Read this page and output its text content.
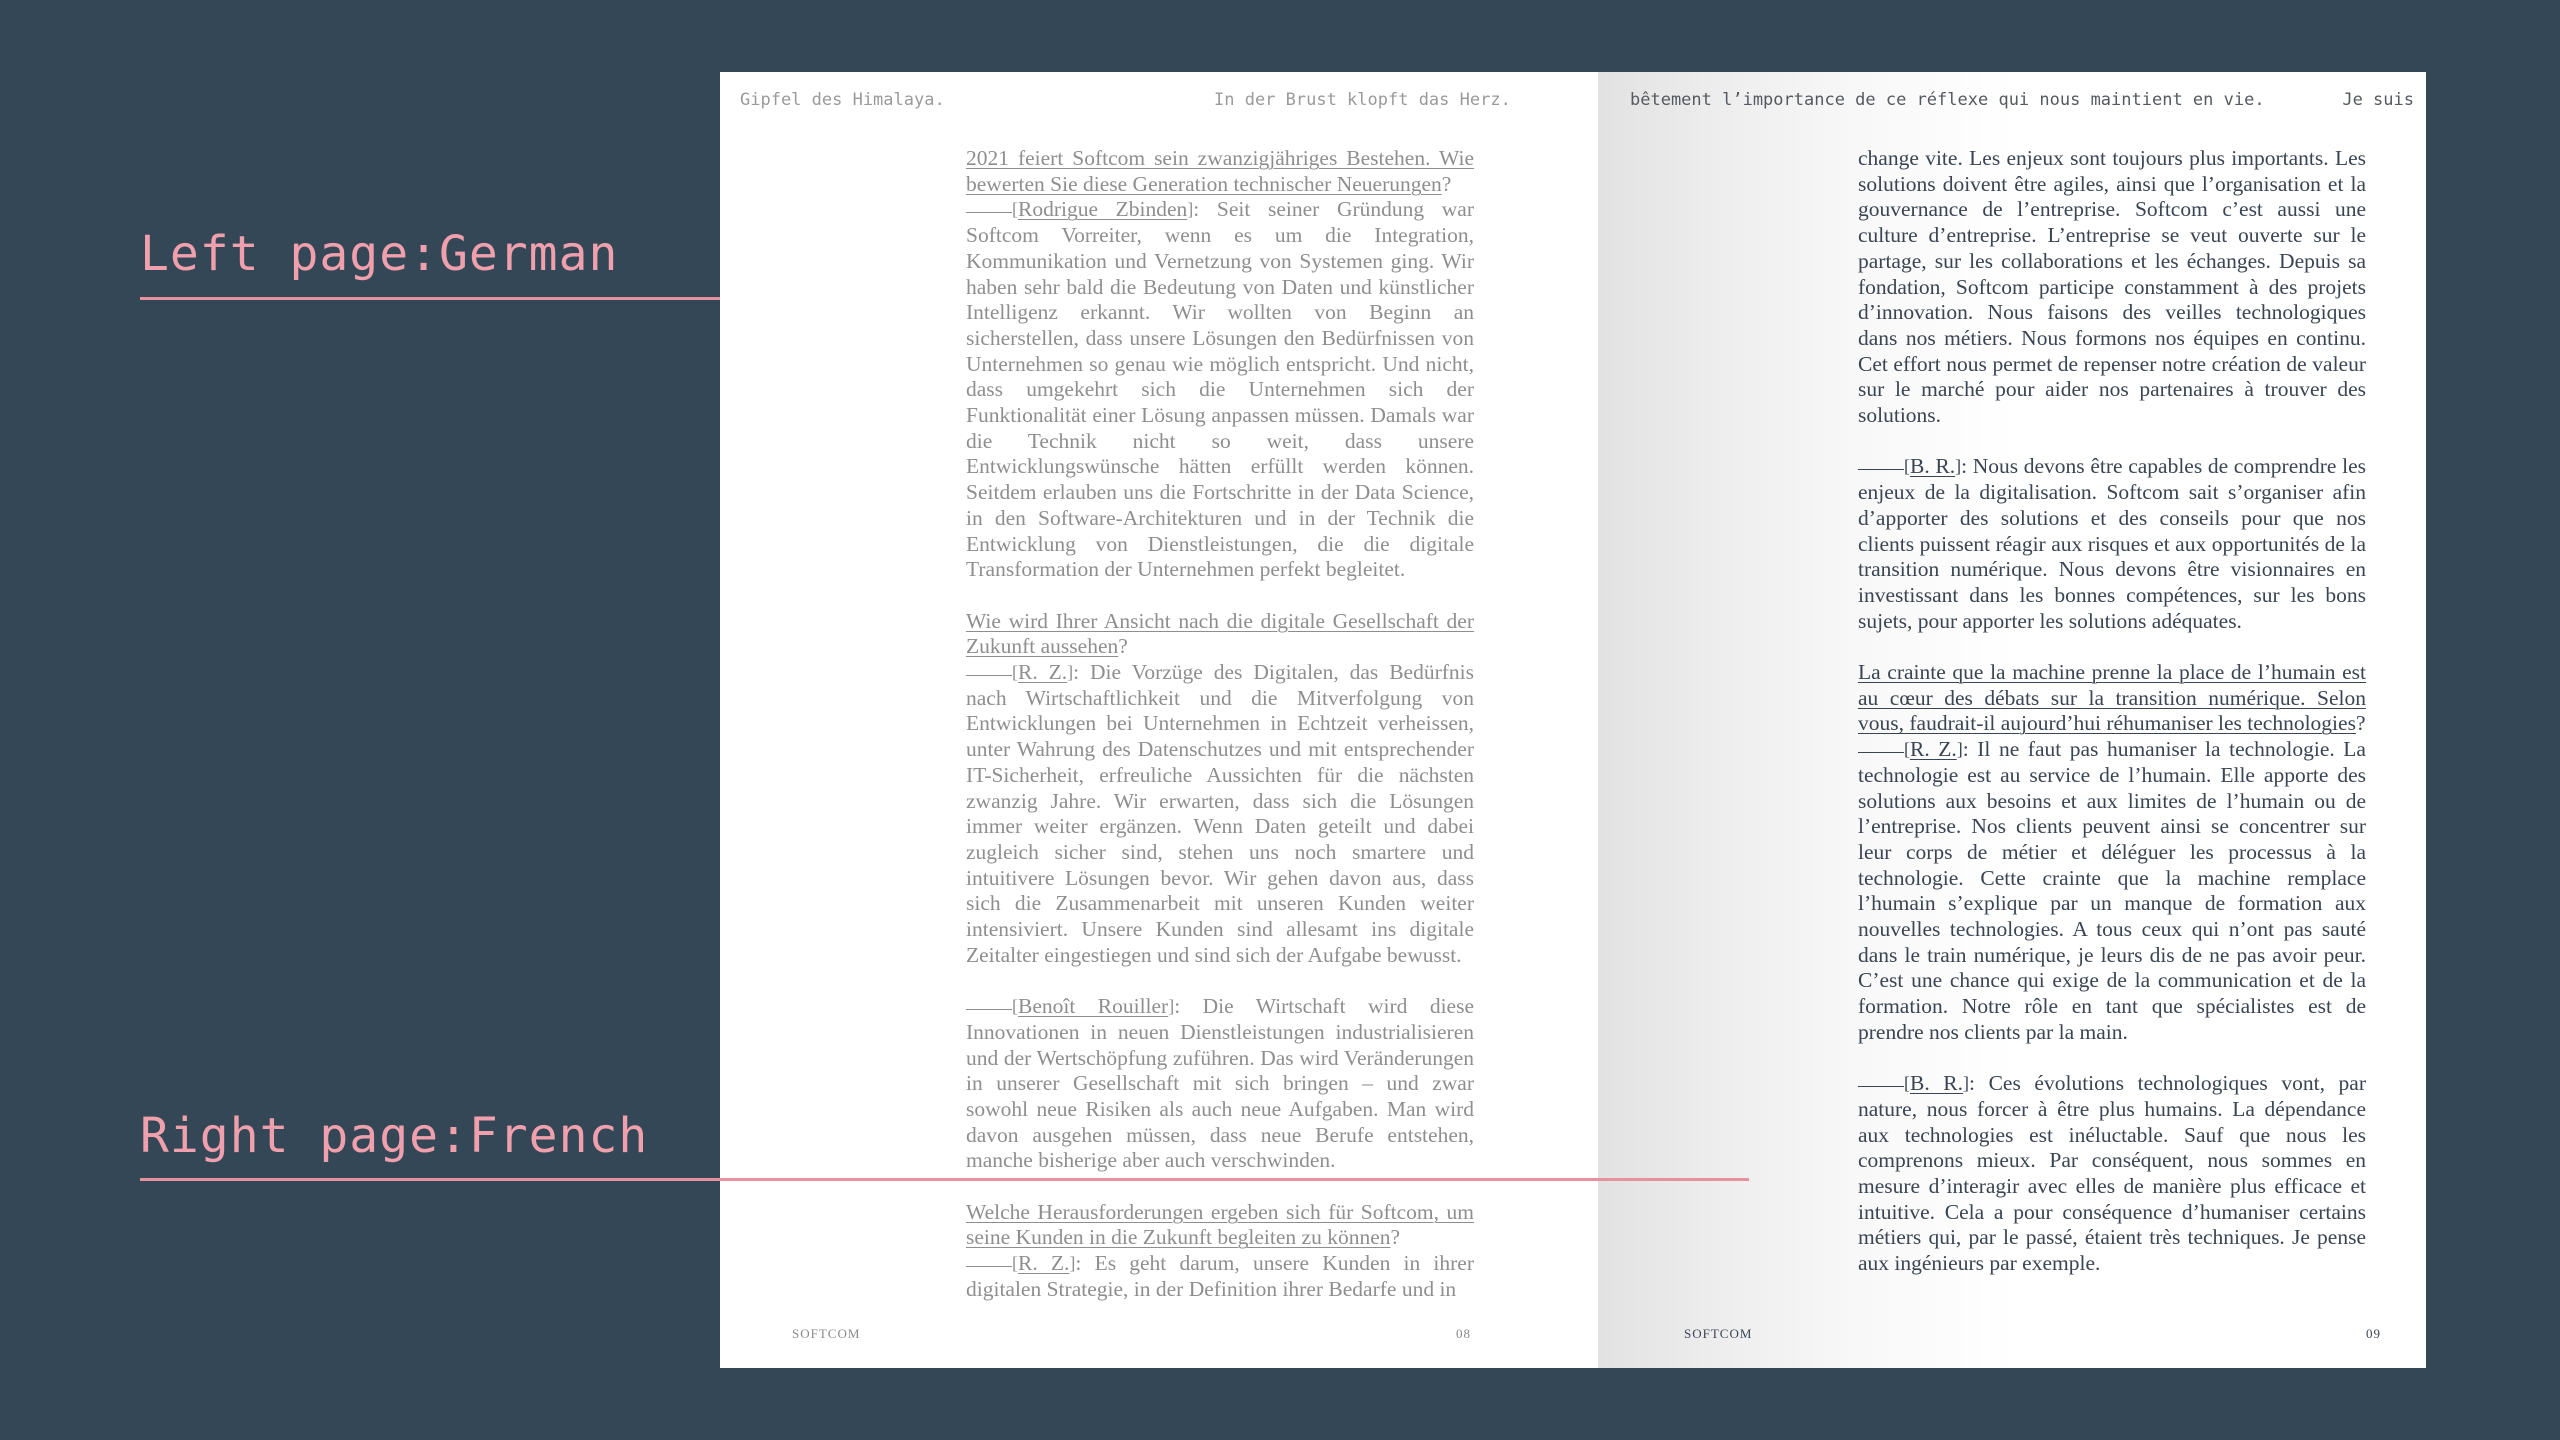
Left page:German
Gipfel des Himalaya.	In der Brust klopft das Herz.

2021 feiert Softcom sein zwanzigjähriges Bestehen. Wie bewerten Sie diese Generation technischer Neuerungen?

[Rodrigue Zbinden]: Seit seiner Gründung war Softcom Vorreiter, wenn es um die Integration, Kommunikation und Vernetzung von Systemen ging. Wir haben sehr bald die Bedeutung von Daten und künstlicher Intelligenz erkannt. Wir wollten von Beginn an sicherstellen, dass unsere Lösungen den Bedürfnissen von Unternehmen so genau wie möglich entspricht. Und nicht, dass umgekehrt sich die Unternehmen sich der Funktionalität einer Lösung anpassen müssen. Damals war die Technik nicht so weit, dass unsere Entwicklungswünsche hätten erfüllt werden können. Seitdem erlauben uns die Fortschritte in der Data Science, in den Software-Architekturen und in der Technik die Entwicklung von Dienstleistungen, die die digitale Transformation der Unternehmen perfekt begleitet.

Wie wird Ihrer Ansicht nach die digitale Gesellschaft der Zukunft aussehen?

[R. Z.]: Die Vorzüge des Digitalen, das Bedürfnis nach Wirtschaftlichkeit und die Mitverfolgung von Entwicklungen bei Unternehmen in Echtzeit verheissen, unter Wahrung des Datenschutzes und mit entsprechender IT-Sicherheit, erfreuliche Aussichten für die nächsten zwanzig Jahre. Wir erwarten, dass sich die Lösungen immer weiter ergänzen. Wenn Daten geteilt und dabei zugleich sicher sind, stehen uns noch smartere und intuitivere Lösungen bevor. Wir gehen davon aus, dass sich die Zusammenarbeit mit unseren Kunden weiter intensiviert. Unsere Kunden sind allesamt ins digitale Zeitalter eingestiegen und sind sich der Aufgabe bewusst.

[Benoît Rouiller]: Die Wirtschaft wird diese Innovationen in neuen Dienstleistungen industrialisieren und der Wertschöpfung zuführen. Das wird Veränderungen in unserer Gesellschaft mit sich bringen – und zwar sowohl neue Risiken als auch neue Aufgaben. Man wird davon ausgehen müssen, dass neue Berufe entstehen, manche bisherige aber auch verschwinden.

Welche Herausforderungen ergeben sich für Softcom, um seine Kunden in die Zukunft begleiten zu können?

[R. Z.]: Es geht darum, unsere Kunden in ihrer digitalen Strategie, in der Definition ihrer Bedarfe und in

SOFTCOM	08
bêtement l’importance de ce réflexe qui nous maintient en vie.	Je suis

change vite. Les enjeux sont toujours plus importants. Les solutions doivent être agiles, ainsi que l’organisation et la gouvernance de l’entreprise. Softcom c’est aussi une culture d’entreprise. L’entreprise se veut ouverte sur le partage, sur les collaborations et les échanges. Depuis sa fondation, Softcom participe constamment à des projets d’innovation. Nous faisons des veilles technologiques dans nos métiers. Nous formons nos équipes en continu. Cet effort nous permet de repenser notre création de valeur sur le marché pour aider nos partenaires à trouver des solutions.

[B. R.]: Nous devons être capables de comprendre les enjeux de la digitalisation. Softcom sait s’organiser afin d’apporter des solutions et des conseils pour que nos clients puissent réagir aux risques et aux opportunités de la transition numérique. Nous devons être visionnaires en investissant dans les bonnes compétences, sur les bons sujets, pour apporter les solutions adéquates.

La crainte que la machine prenne la place de l’humain est au cœur des débats sur la transition numérique. Selon vous, faudrait-il aujourd’hui réhumaniser les technologies?

[R. Z.]: Il ne faut pas humaniser la technologie. La technologie est au service de l’humain. Elle apporte des solutions aux besoins et aux limites de l’humain ou de l’entreprise. Nos clients peuvent ainsi se concentrer sur leur corps de métier et déléguer les processus à la technologie. Cette crainte que la machine remplace l’humain s’explique par un manque de formation aux nouvelles technologies. A tous ceux qui n’ont pas sauté dans le train numérique, je leurs dis de ne pas avoir peur. C’est une chance qui exige de la communication et de la formation. Notre rôle en tant que spécialistes est de prendre nos clients par la main.

[B. R.]: Ces évolutions technologiques vont, par nature, nous forcer à être plus humains. La dépendance aux technologies est inéluctable. Sauf que nous les comprenons mieux. Par conséquent, nous sommes en mesure d’interagir avec elles de manière plus efficace et intuitive. Cela a pour conséquence d’humaniser certains métiers qui, par le passé, étaient très techniques. Je pense aux ingénieurs par exemple.

SOFTCOM	09
Right page:French
